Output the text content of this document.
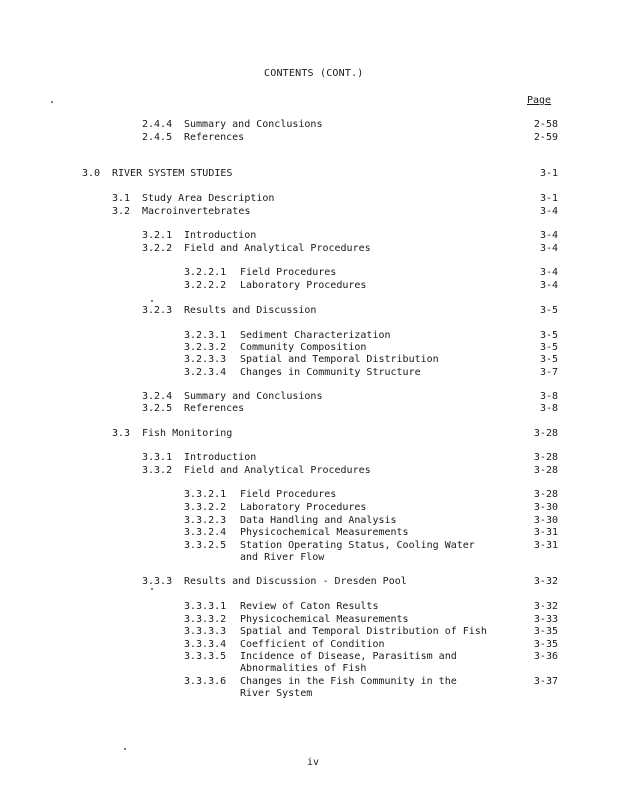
CONTENTS (CONT.)
Page
2.4.4 Summary and Conclusions	2-58
2.4.5 References	2-59
3.0 RIVER SYSTEM STUDIES	3-1
3.1 Study Area Description	3-1
3.2 Macroinvertebrates	3-4
3.2.1 Introduction	3-4
3.2.2 Field and Analytical Procedures	3-4
3.2.2.1 Field Procedures	3-4
3.2.2.2 Laboratory Procedures	3-4
3.2.3 Results and Discussion	3-5
3.2.3.1 Sediment Characterization	3-5
3.2.3.2 Community Composition	3-5
3.2.3.3 Spatial and Temporal Distribution	3-5
3.2.3.4 Changes in Community Structure	3-7
3.2.4 Summary and Conclusions	3-8
3.2.5 References	3-8
3.3 Fish Monitoring	3-28
3.3.1 Introduction	3-28
3.3.2 Field and Analytical Procedures	3-28
3.3.2.1 Field Procedures	3-28
3.3.2.2 Laboratory Procedures	3-30
3.3.2.3 Data Handling and Analysis	3-30
3.3.2.4 Physicochemical Measurements	3-31
3.3.2.5 Station Operating Status, Cooling Water	3-31
and River Flow
3.3.3 Results and Discussion - Dresden Pool	3-32
3.3.3.1 Review of Caton Results	3-32
3.3.3.2 Physicochemical Measurements	3-33
3.3.3.3 Spatial and Temporal Distribution of Fish	3-35
3.3.3.4 Coefficient of Condition	3-35
3.3.3.5 Incidence of Disease, Parasitism and	3-36
Abnormalities of Fish
3.3.3.6 Changes in the Fish Community in the	3-37
River System
iv
